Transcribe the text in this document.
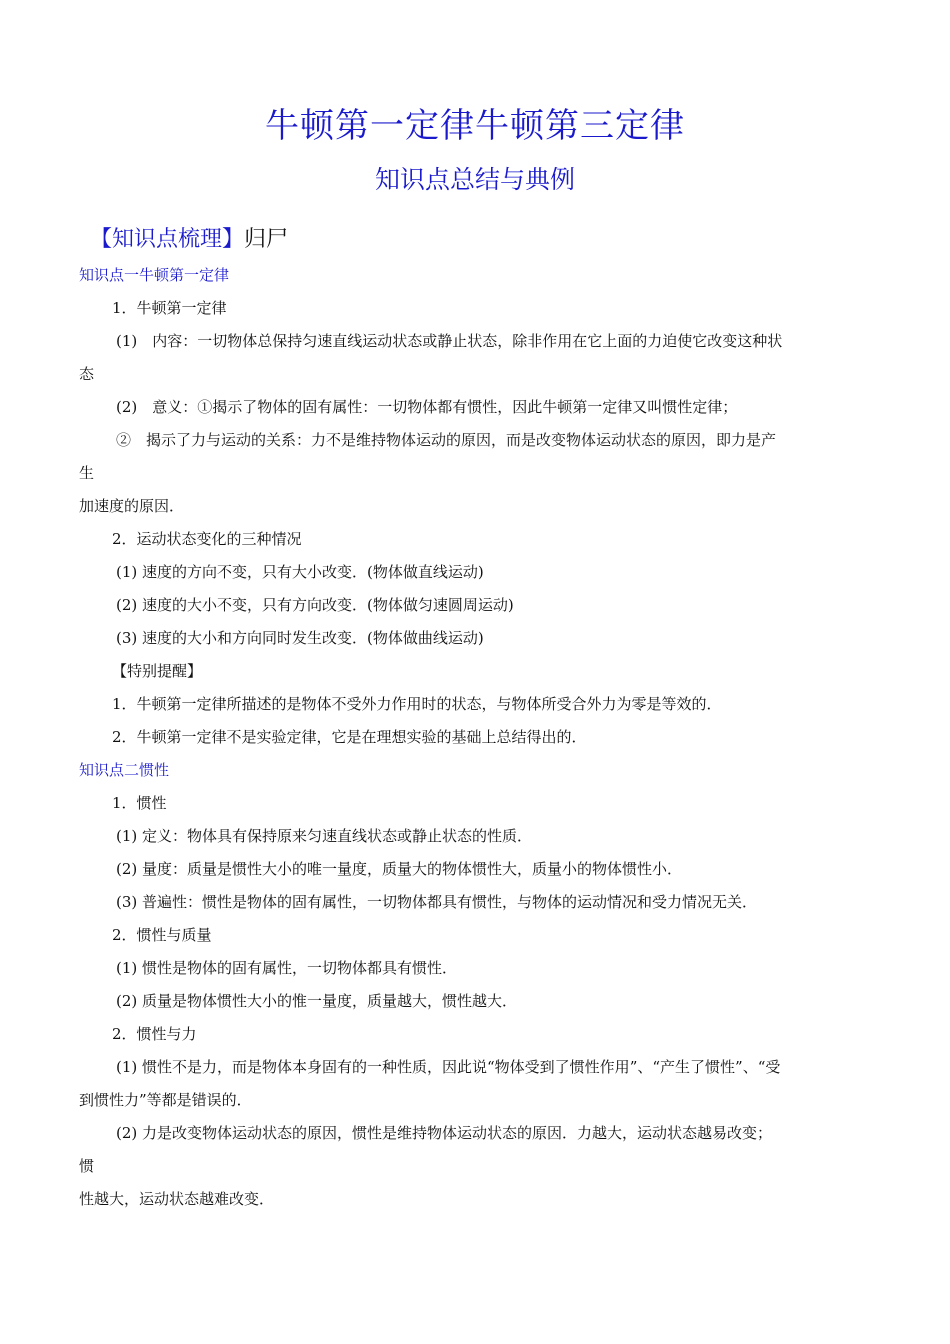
牛顿第一定律牛顿第三定律
知识点总结与典例
【知识点梳理】归尸
知识点一牛顿第一定律
1．牛顿第一定律
(1)　内容：一切物体总保持匀速直线运动状态或静止状态，除非作用在它上面的力迫使它改变这种状
态
(2)　意义：①揭示了物体的固有属性：一切物体都有惯性，因此牛顿第一定律又叫惯性定律；
②　揭示了力与运动的关系：力不是维持物体运动的原因，而是改变物体运动状态的原因，即力是产
生
加速度的原因．
2．运动状态变化的三种情况
(1) 速度的方向不变，只有大小改变．(物体做直线运动)
(2) 速度的大小不变，只有方向改变．(物体做匀速圆周运动)
(3) 速度的大小和方向同时发生改变．(物体做曲线运动)
【特别提醒】
1．牛顿第一定律所描述的是物体不受外力作用时的状态，与物体所受合外力为零是等效的．
2．牛顿第一定律不是实验定律，它是在理想实验的基础上总结得出的．
知识点二惯性
1．惯性
(1) 定义：物体具有保持原来匀速直线状态或静止状态的性质．
(2) 量度：质量是惯性大小的唯一量度，质量大的物体惯性大，质量小的物体惯性小．
(3) 普遍性：惯性是物体的固有属性，一切物体都具有惯性，与物体的运动情况和受力情况无关．
2．惯性与质量
(1) 惯性是物体的固有属性，一切物体都具有惯性．
(2) 质量是物体惯性大小的惟一量度，质量越大，惯性越大．
2．惯性与力
(1) 惯性不是力，而是物体本身固有的一种性质，因此说“物体受到了惯性作用”、“产生了惯性”、“受
到惯性力”等都是错误的．
(2) 力是改变物体运动状态的原因，惯性是维持物体运动状态的原因．力越大，运动状态越易改变；
惯
性越大，运动状态越难改变．
